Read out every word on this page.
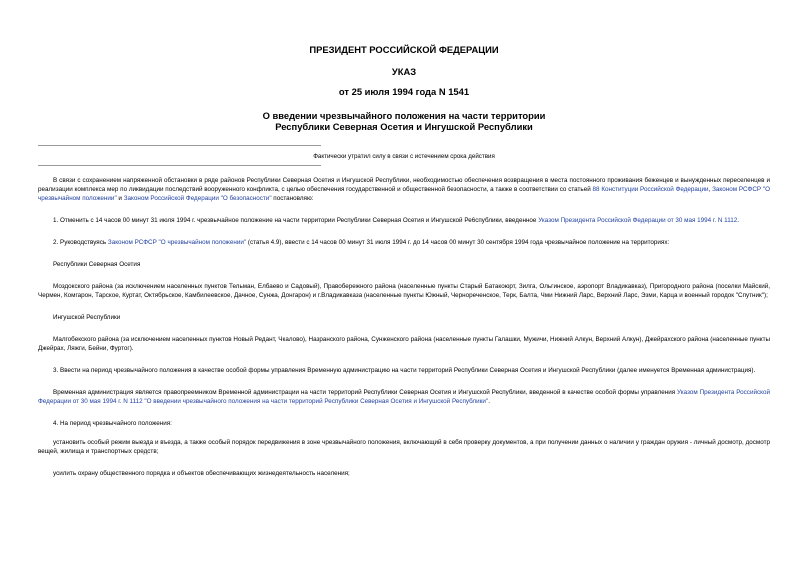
ПРЕЗИДЕНТ РОССИЙСКОЙ ФЕДЕРАЦИИ
УКАЗ
от 25 июля 1994 года N 1541
О введении чрезвычайного положения на части территории
Республики Северная Осетия и Ингушской Республики
Фактически утратил силу в связи с истечением срока действия

В связи с сохранением напряженной обстановки в ряде районов Республики Северная Осетия и Ингушской Республики, необходимостью обеспечения возвращения в места постоянного проживания беженцев и вынужденных переселенцев и реализации комплекса мер по ликвидации последствий вооруженного конфликта, с целью обеспечения государственной и общественной безопасности, а также в соответствии со статьей 88 Конституции Российской Федерации, Законом РСФСР "О чрезвычайном положении" и Законом Российской Федерации "О безопасности" постановляю:

1. Отменить с 14 часов 00 минут 31 июля 1994 г. чрезвычайное положение на части территории Республики Северная Осетия и Ингушской Ре6спублики, введенное Указом Президента Российской Федерации от 30 мая 1994 г. N 1112.

2. Руководствуясь Законом РСФСР "О чрезвычайном положении" (статья 4.9), ввести с 14 часов 00 минут 31 июля 1994 г. до 14 часов 00 минут 30 сентября 1994 года чрезвычайное положение на территориях:

Республики Северная Осетия

Моздокского района (за исключением населенных пунктов Тельман, Елбаево и Садовый), Правобережного района (населенные пункты Старый Батакоюрт, Зилга, Ольгинское, аэропорт Владикавказ), Пригородного района (поселки Майский, Чермен, Комгарон, Тарское, Куртат, Октябрьское, Камбилеевское, Дачное, Сунжа, Донгарон) и г.Владикавказа (населенные пункты Южный, Чернореченское, Терк, Балта, Чми Нижний Ларс, Верхний Ларс, Эзми, Карца и военный городок "Спутник");

Ингушской Республики

Малгобекского района (за исключением населенных пунктов Новый Редант, Чкалово), Назранского района, Сунженского района (населенные пункты Галашки, Мужичи, Нижний Алкун, Верхний Алкун), Джейрахского района (населенные пункты Джейрах, Ляжги, Бейни, Фуртог).

3. Ввести на период чрезвычайного положения в качестве особой формы управления Временную администрацию на части территорий Республики Северная Осетия и Ингушской Республики (далее именуется Временная администрация).

Временная администрация является правопреемником Временной администрации на части территорий Республики Северная Осетия и Ингушской Республики, введенной в качестве особой формы управления Указом Президента Российской Федерации от 30 мая 1994 г. N 1112 "О введении чрезвычайного положения на части территорий Республики Северная Осетия и Ингушской Республики".

4. На период чрезвычайного положения:

установить особый режим выезда и въезда, а также особый порядок передвижения в зоне чрезвычайного положения, включающий в себя проверку документов, а при получении данных о наличии у граждан оружия - личный досмотр, досмотр вещей, жилища и транспортных средств;

усилить охрану общественного порядка и объектов обеспечивающих жизнедеятельность населения;
